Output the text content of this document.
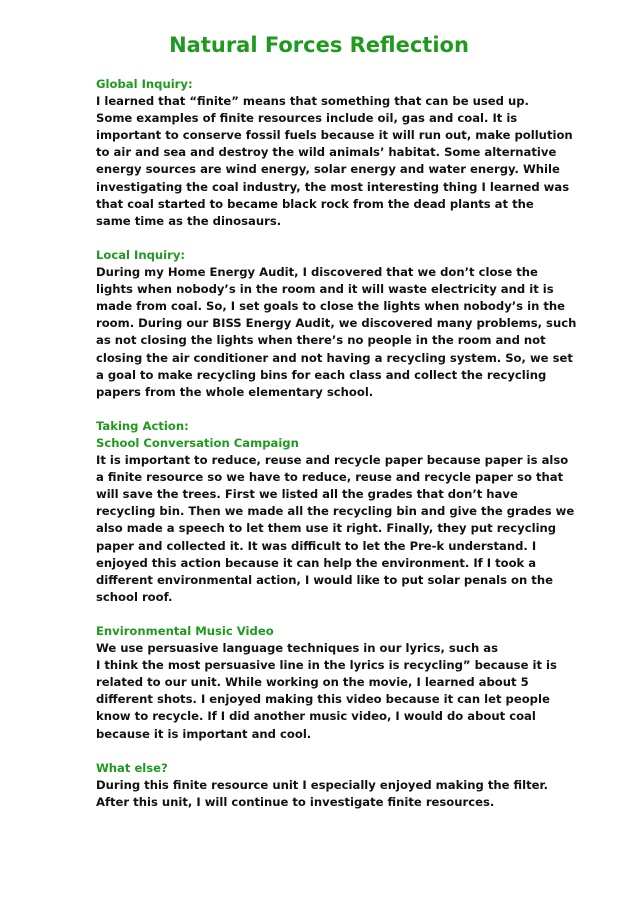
Natural Forces Reflection
Global Inquiry:
I learned that “finite” means that something that can be used up.
Some examples of finite resources include oil, gas and coal. It is
important to conserve fossil fuels because it will run out, make pollution
to air and sea and destroy the wild animals’ habitat. Some alternative
energy sources are wind energy, solar energy and water energy. While
investigating the coal industry, the most interesting thing I learned was
that coal started to became black rock from the dead plants at the
same time as the dinosaurs.
Local Inquiry:
During my Home Energy Audit, I discovered that we don’t close the
lights when nobody’s in the room and it will waste electricity and it is
made from coal. So, I set goals to close the lights when nobody’s in the
room. During our BISS Energy Audit, we discovered many problems, such
as not closing the lights when there’s no people in the room and not
closing the air conditioner and not having a recycling system. So, we set
a goal to make recycling bins for each class and collect the recycling
papers from the whole elementary school.
Taking Action:
School Conversation Campaign
It is important to reduce, reuse and recycle paper because paper is also
a finite resource so we have to reduce, reuse and recycle paper so that
will save the trees. First we listed all the grades that don’t have
recycling bin. Then we made all the recycling bin and give the grades we
also made a speech to let them use it right. Finally, they put recycling
paper and collected it. It was difficult to let the Pre-k understand. I
enjoyed this action because it can help the environment. If I took a
different environmental action, I would like to put solar penals on the
school roof.
Environmental Music Video
We use persuasive language techniques in our lyrics, such as
I think the most persuasive line in the lyrics is recycling” because it is
related to our unit. While working on the movie, I learned about 5
different shots. I enjoyed making this video because it can let people
know to recycle. If I did another music video, I would do about coal
because it is important and cool.
What else?
During this finite resource unit I especially enjoyed making the filter.
After this unit, I will continue to investigate finite resources.
